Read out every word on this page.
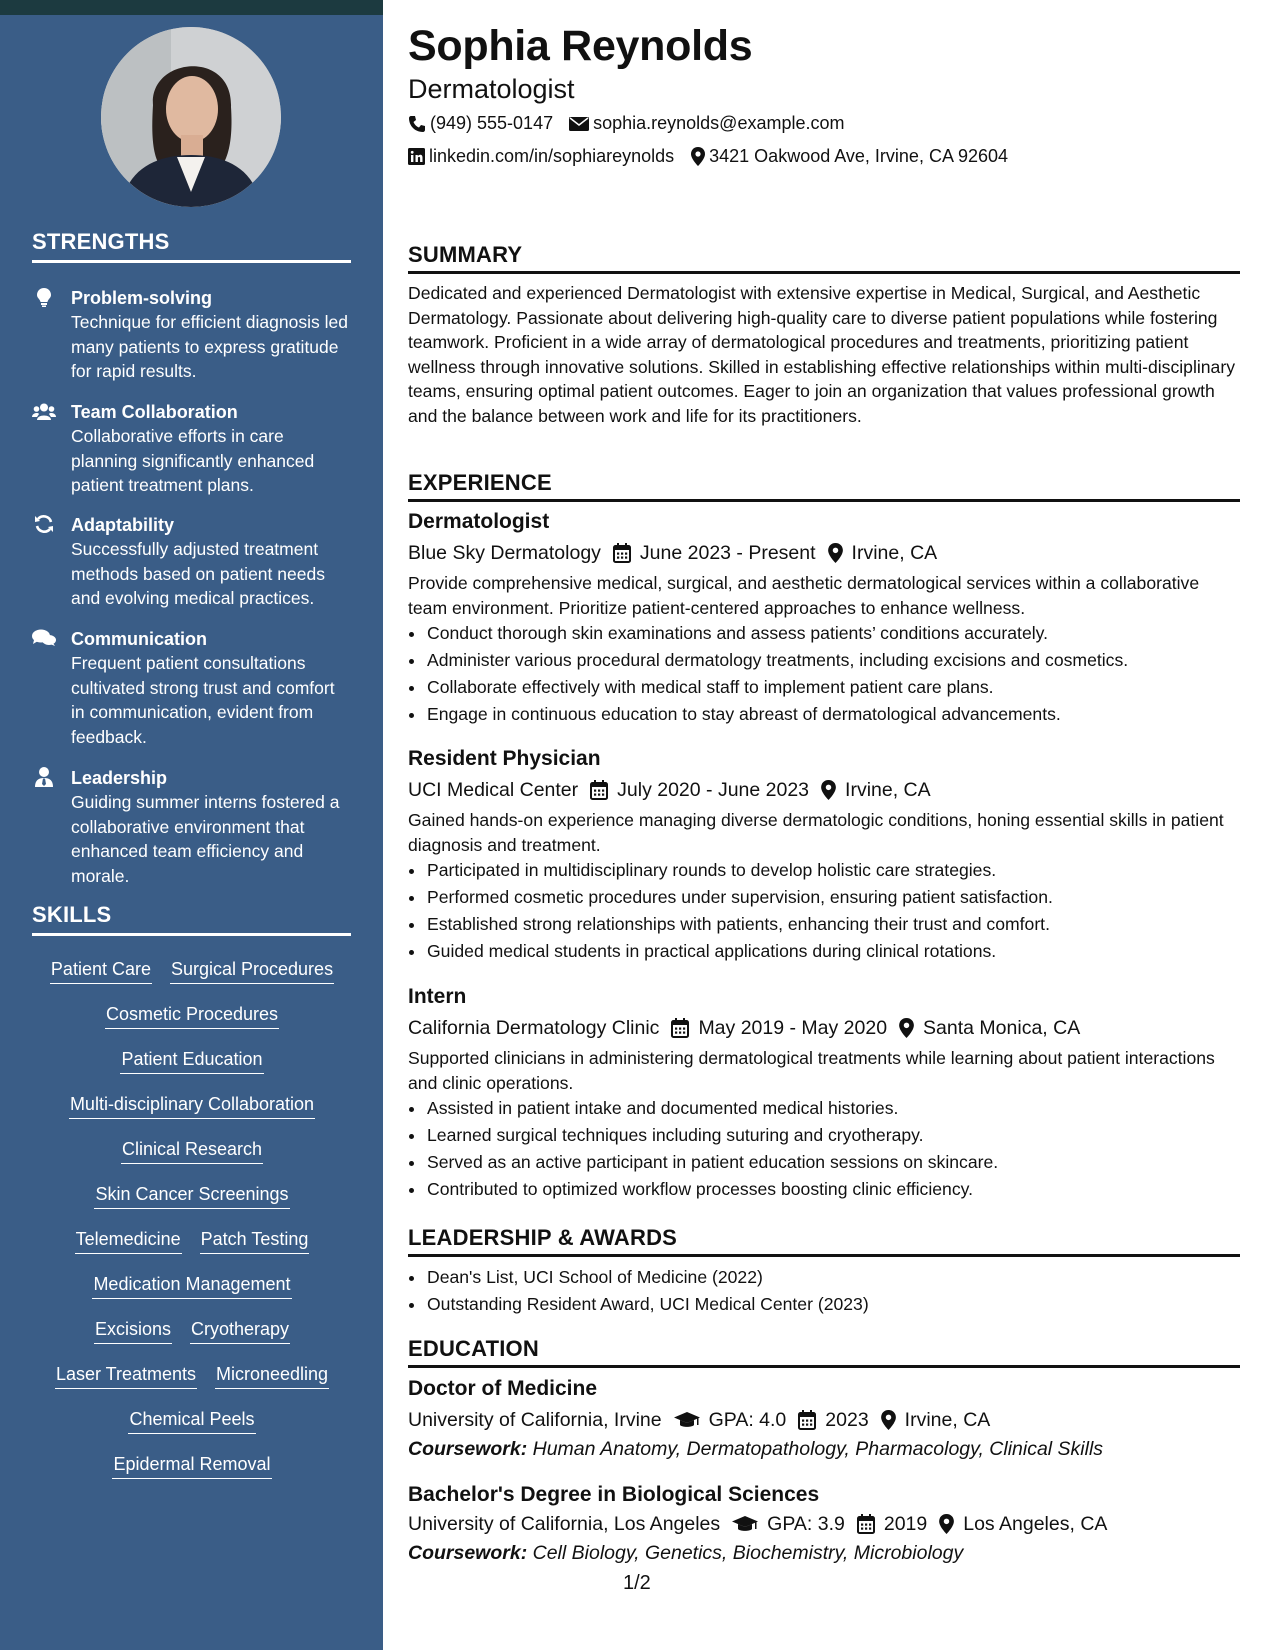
STRENGTHS
Problem-solving
Technique for efficient diagnosis led many patients to express gratitude for rapid results.
Team Collaboration
Collaborative efforts in care planning significantly enhanced patient treatment plans.
Adaptability
Successfully adjusted treatment methods based on patient needs and evolving medical practices.
Communication
Frequent patient consultations cultivated strong trust and comfort in communication, evident from feedback.
Leadership
Guiding summer interns fostered a collaborative environment that enhanced team efficiency and morale.
SKILLS
Patient Care Surgical Procedures
Cosmetic Procedures
Patient Education
Multi-disciplinary Collaboration
Clinical Research
Skin Cancer Screenings
Telemedicine Patch Testing
Medication Management
Excisions Cryotherapy
Laser Treatments Microneedling
Chemical Peels
Epidermal Removal
Sophia Reynolds
Dermatologist
(949) 555-0147 sophia.reynolds@example.com
linkedin.com/in/sophiareynolds 3421 Oakwood Ave, Irvine, CA 92604
SUMMARY
Dedicated and experienced Dermatologist with extensive expertise in Medical, Surgical, and Aesthetic Dermatology. Passionate about delivering high-quality care to diverse patient populations while fostering teamwork. Proficient in a wide array of dermatological procedures and treatments, prioritizing patient wellness through innovative solutions. Skilled in establishing effective relationships within multi-disciplinary teams, ensuring optimal patient outcomes. Eager to join an organization that values professional growth and the balance between work and life for its practitioners.
EXPERIENCE
Dermatologist
Blue Sky Dermatology June 2023 - Present Irvine, CA
Provide comprehensive medical, surgical, and aesthetic dermatological services within a collaborative team environment. Prioritize patient-centered approaches to enhance wellness.
• Conduct thorough skin examinations and assess patients’ conditions accurately.
• Administer various procedural dermatology treatments, including excisions and cosmetics.
• Collaborate effectively with medical staff to implement patient care plans.
• Engage in continuous education to stay abreast of dermatological advancements.
Resident Physician
UCI Medical Center July 2020 - June 2023 Irvine, CA
Gained hands-on experience managing diverse dermatologic conditions, honing essential skills in patient diagnosis and treatment.
• Participated in multidisciplinary rounds to develop holistic care strategies.
• Performed cosmetic procedures under supervision, ensuring patient satisfaction.
• Established strong relationships with patients, enhancing their trust and comfort.
• Guided medical students in practical applications during clinical rotations.
Intern
California Dermatology Clinic May 2019 - May 2020 Santa Monica, CA
Supported clinicians in administering dermatological treatments while learning about patient interactions and clinic operations.
• Assisted in patient intake and documented medical histories.
• Learned surgical techniques including suturing and cryotherapy.
• Served as an active participant in patient education sessions on skincare.
• Contributed to optimized workflow processes boosting clinic efficiency.
LEADERSHIP & AWARDS
• Dean's List, UCI School of Medicine (2022)
• Outstanding Resident Award, UCI Medical Center (2023)
EDUCATION
Doctor of Medicine
University of California, Irvine GPA: 4.0 2023 Irvine, CA
Coursework: Human Anatomy, Dermatopathology, Pharmacology, Clinical Skills
Bachelor's Degree in Biological Sciences
University of California, Los Angeles GPA: 3.9 2019 Los Angeles, CA
Coursework: Cell Biology, Genetics, Biochemistry, Microbiology
1/2
